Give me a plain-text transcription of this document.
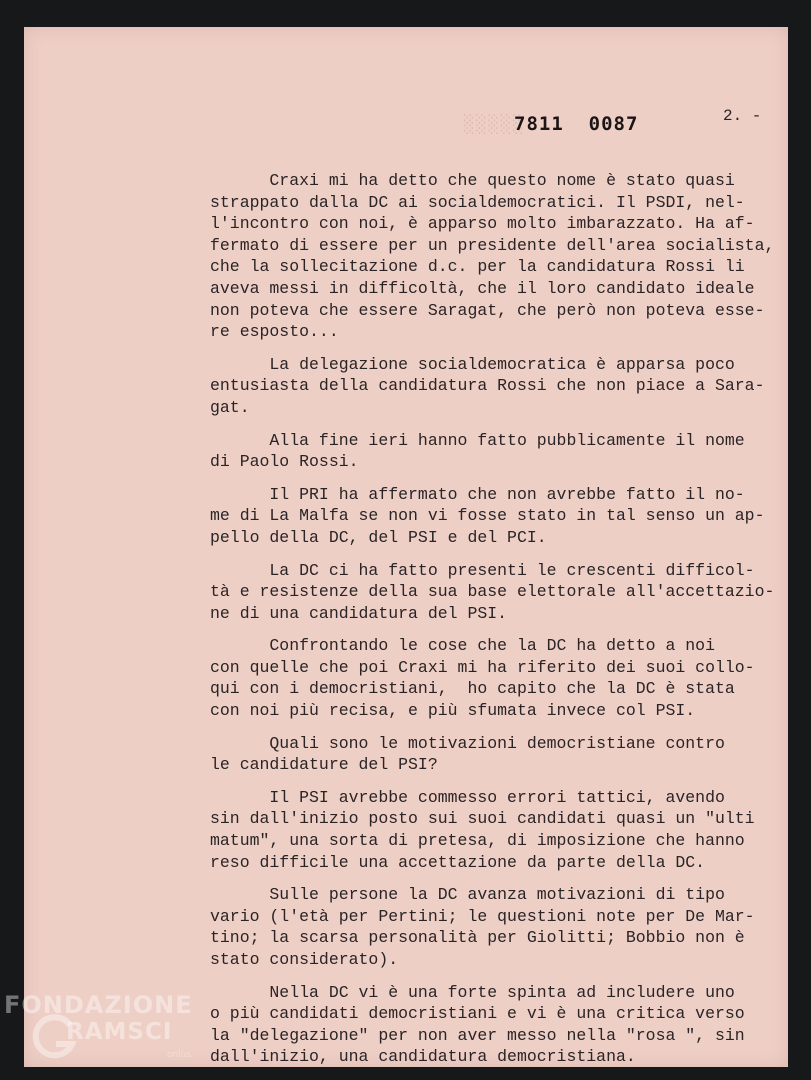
░░░░░
7811  0087	2. -
Craxi mi ha detto che questo nome è stato quasi
strappato dalla DC ai socialdemocratici. Il PSDI, nel-
l'incontro con noi, è apparso molto imbarazzato. Ha af-
fermato di essere per un presidente dell'area socialista,
che la sollecitazione d.c. per la candidatura Rossi li
aveva messi in difficoltà, che il loro candidato ideale
non poteva che essere Saragat, che però non poteva esse-
re esposto...
La delegazione socialdemocratica è apparsa poco
entusiasta della candidatura Rossi che non piace a Sara-
gat.
Alla fine ieri hanno fatto pubblicamente il nome
di Paolo Rossi.
Il PRI ha affermato che non avrebbe fatto il no-
me di La Malfa se non vi fosse stato in tal senso un ap-
pello della DC, del PSI e del PCI.
La DC ci ha fatto presenti le crescenti difficol-
tà e resistenze della sua base elettorale all'accettazio-
ne di una candidatura del PSI.
Confrontando le cose che la DC ha detto a noi
con quelle che poi Craxi mi ha riferito dei suoi collo-
qui con i democristiani,  ho capito che la DC è stata
con noi più recisa, e più sfumata invece col PSI.
Quali sono le motivazioni democristiane contro
le candidature del PSI?
Il PSI avrebbe commesso errori tattici, avendo
sin dall'inizio posto sui suoi candidati quasi un "ulti
matum", una sorta di pretesa, di imposizione che hanno
reso difficile una accettazione da parte della DC.
Sulle persone la DC avanza motivazioni di tipo
vario (l'età per Pertini; le questioni note per De Mar-
tino; la scarsa personalità per Giolitti; Bobbio non è
stato considerato).
Nella DC vi è una forte spinta ad includere uno
o più candidati democristiani e vi è una critica verso
la "delegazione" per non aver messo nella "rosa ", sin
dall'inizio, una candidatura democristiana.
FONDAZIONE
RAMSCI
onlus
